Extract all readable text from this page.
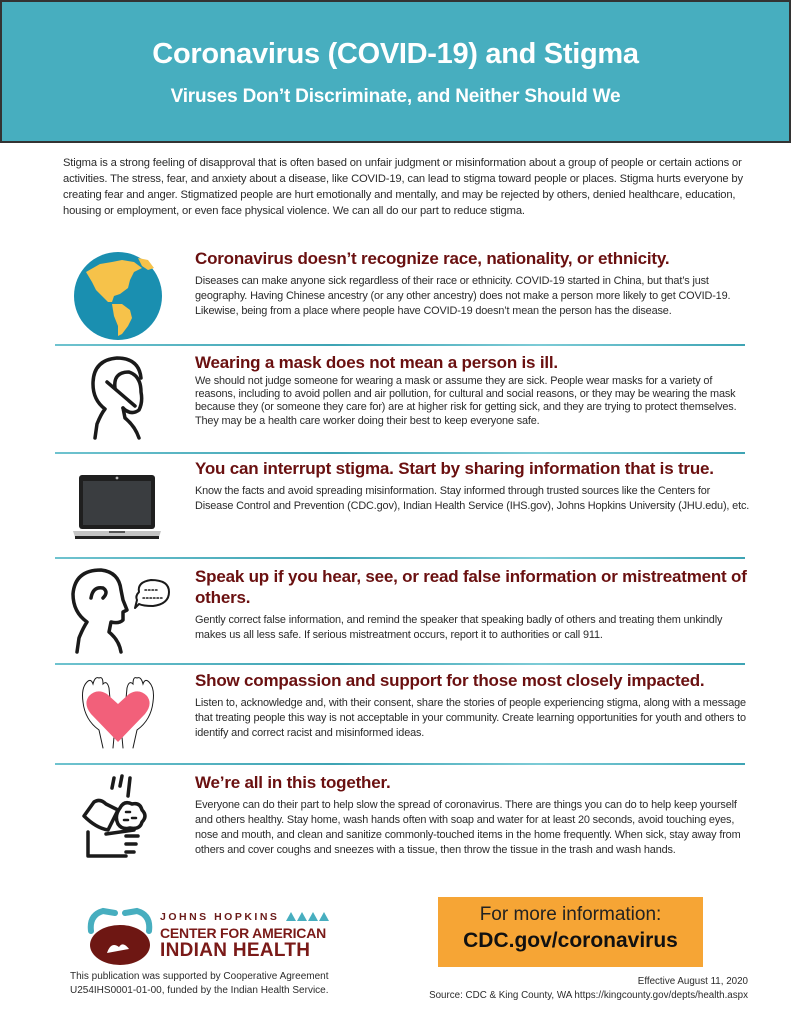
Coronavirus (COVID-19) and Stigma
Viruses Don’t Discriminate, and Neither Should We

Stigma is a strong feeling of disapproval that is often based on unfair judgment or misinformation about a group of people or certain actions or activities. The stress, fear, and anxiety about a disease, like COVID-19, can lead to stigma toward people or places. Stigma hurts everyone by creating fear and anger. Stigmatized people are hurt emotionally and mentally, and may be rejected by others, denied healthcare, education, housing or employment, or even face physical violence. We can all do our part to reduce stigma.

Coronavirus doesn’t recognize race, nationality, or ethnicity.

Diseases can make anyone sick regardless of their race or ethnicity. COVID-19 started in China, but that’s just geography. Having Chinese ancestry (or any other ancestry) does not make a person more likely to get COVID-19. Likewise, being from a place where people have COVID-19 doesn’t mean the person has the disease.

Wearing a mask does not mean a person is ill.

We should not judge someone for wearing a mask or assume they are sick. People wear masks for a variety of reasons, including to avoid pollen and air pollution, for cultural and social reasons, or they may be wearing the mask because they (or someone they care for) are at higher risk for getting sick, and they are trying to protect themselves. They may be a health care worker doing their best to keep everyone safe.

You can interrupt stigma. Start by sharing information that is true.

Know the facts and avoid spreading misinformation. Stay informed through trusted sources like the Centers for Disease Control and Prevention (CDC.gov), Indian Health Service (IHS.gov), Johns Hopkins University (JHU.edu), etc.

Speak up if you hear, see, or read false information or mistreatment of others.

Gently correct false information, and remind the speaker that speaking badly of others and treating them unkindly makes us all less safe. If serious mistreatment occurs, report it to authorities or call 911.

Show compassion and support for those most closely impacted.

Listen to, acknowledge and, with their consent, share the stories of people experiencing stigma, along with a message that treating people this way is not acceptable in your community. Create learning opportunities for youth and others to identify and correct racist and misinformed ideas.

We’re all in this together.

Everyone can do their part to help slow the spread of coronavirus. There are things you can do to help keep yourself and others healthy. Stay home, wash hands often with soap and water for at least 20 seconds, avoid touching eyes, nose and mouth, and clean and sanitize commonly-touched items in the home frequently. When sick, stay away from others and cover coughs and sneezes with a tissue, then throw the tissue in the trash and wash hands.

JOHNS HOPKINS
CENTER FOR AMERICAN
INDIAN HEALTH
This publication was supported by Cooperative Agreement
U254IHS0001-01-00, funded by the Indian Health Service.
For more information:
CDC.gov/coronavirus
Effective August 11, 2020
Source: CDC & King County, WA https://kingcounty.gov/depts/health.aspx
